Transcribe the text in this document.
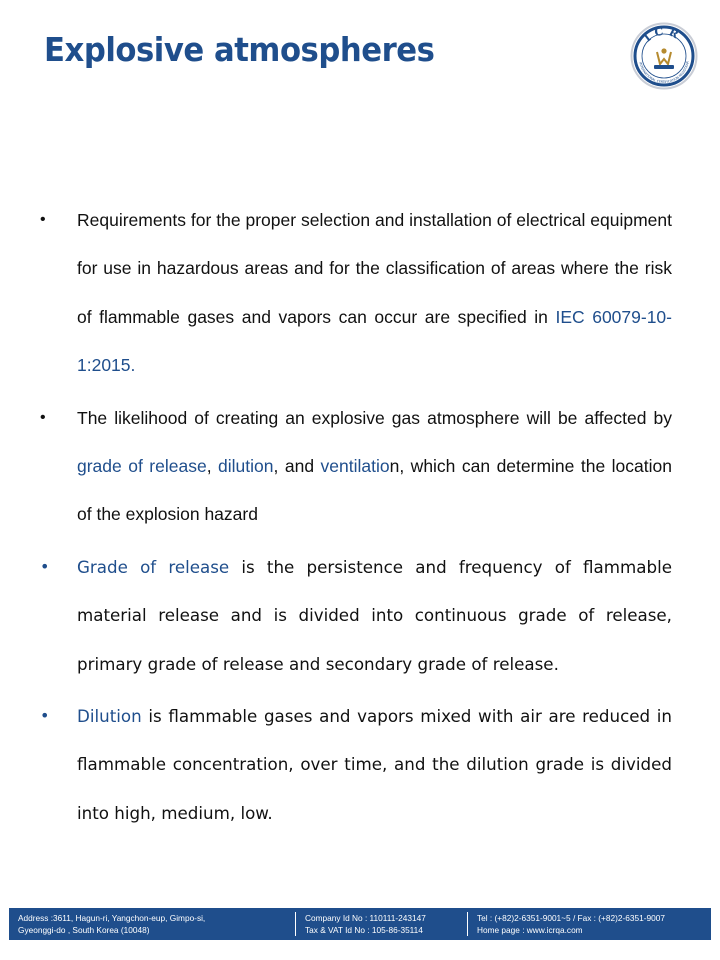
Explosive atmospheres	ICR
INTERNATIONAL CERTIFICATION REGISTRAR
• Requirements for the proper selection and installation of electrical equipment for use in hazardous areas and for the classification of areas where the risk of flammable gases and vapors can occur are specified in IEC 60079-10-1:2015.
• The likelihood of creating an explosive gas atmosphere will be affected by grade of release, dilution, and ventilation, which can determine the location of the explosion hazard
• Grade of release is the persistence and frequency of flammable material release and is divided into continuous grade of release, primary grade of release and secondary grade of release.
• Dilution is flammable gases and vapors mixed with air are reduced in flammable concentration, over time, and the dilution grade is divided into high, medium, low.
Address :3611, Hagun-ri, Yangchon-eup, Gimpo-si,
Gyeonggi-do , South Korea (10048)
Company Id No : 110111-243147
Tax & VAT Id No : 105-86-35114
Tel : (+82)2-6351-9001~5 / Fax : (+82)2-6351-9007
Home page : www.icrqa.com
